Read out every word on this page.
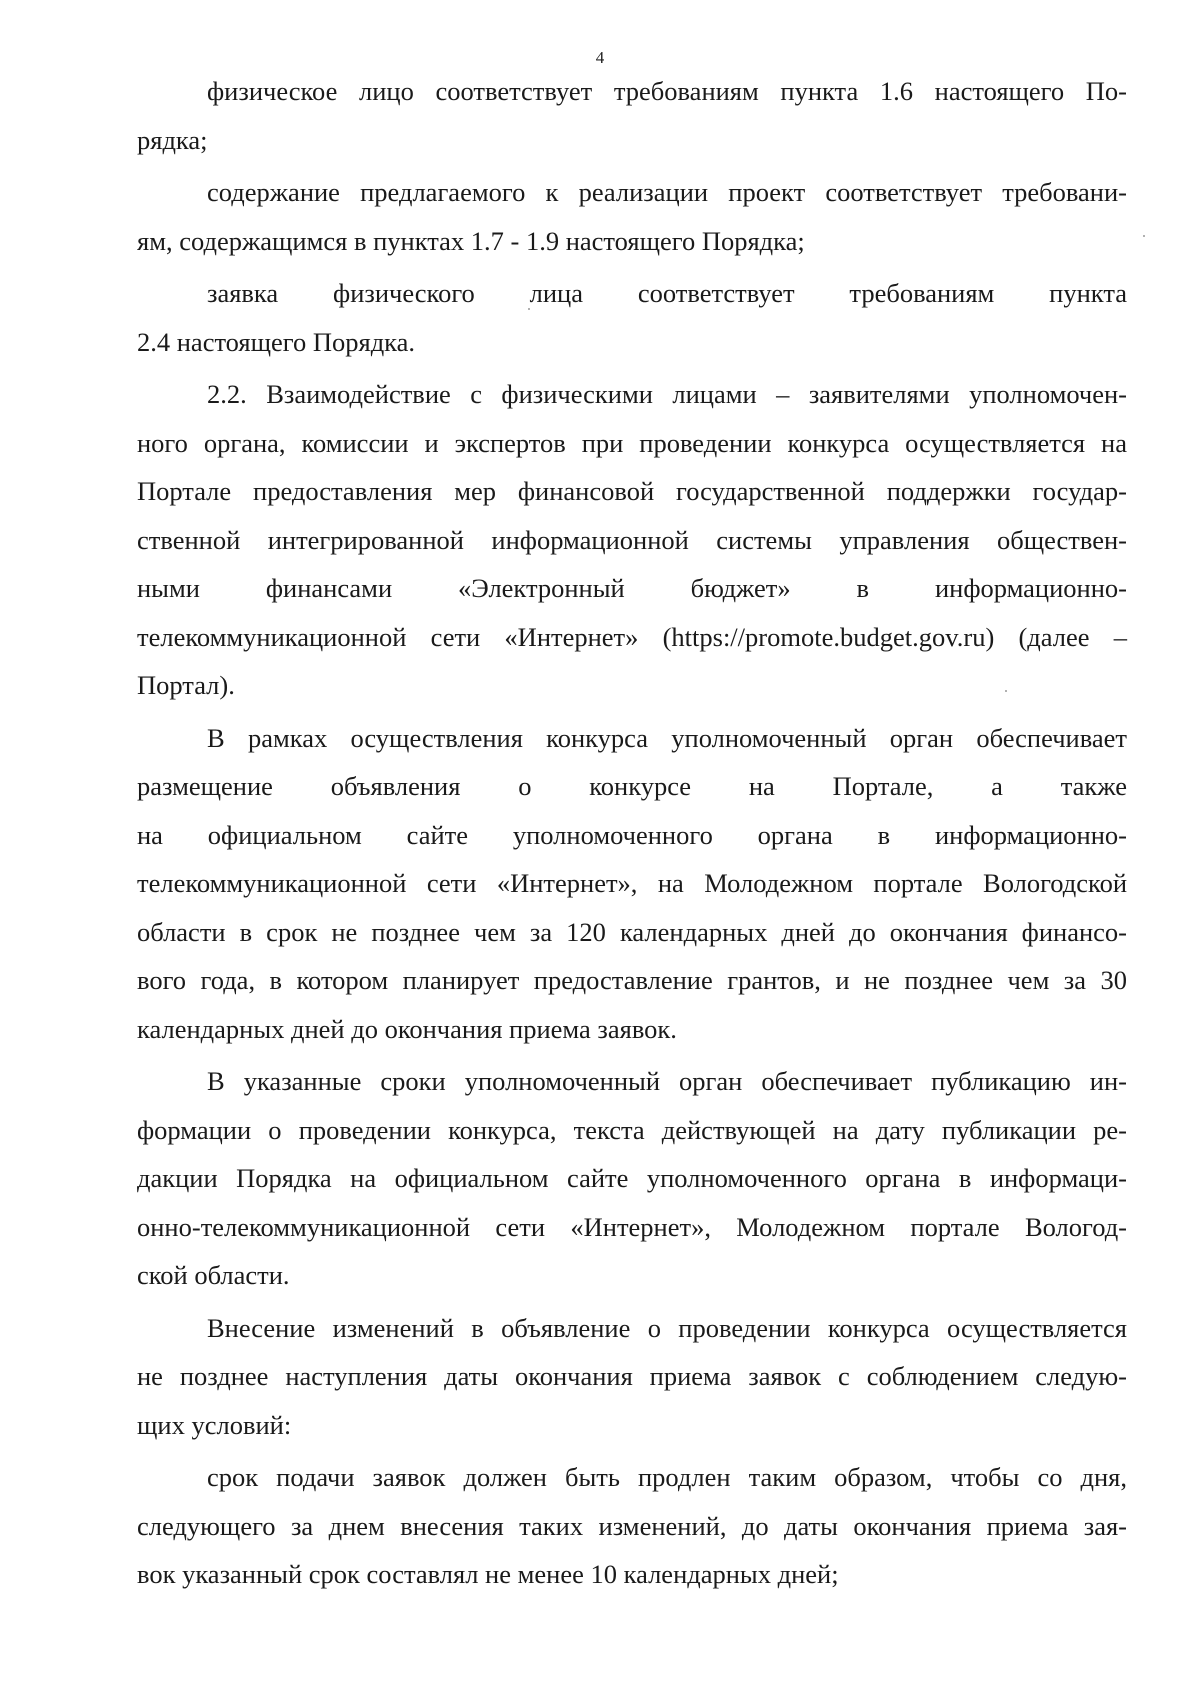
4
физическое лицо соответствует требованиям пункта 1.6 настоящего По-
рядка;
содержание предлагаемого к реализации проект соответствует требовани-
ям, содержащимся в пунктах 1.7 - 1.9 настоящего Порядка;
заявка физического лица соответствует требованиям пункта
2.4 настоящего Порядка.
2.2. Взаимодействие с физическими лицами – заявителями уполномочен-
ного органа, комиссии и экспертов при проведении конкурса осуществляется на
Портале предоставления мер финансовой государственной поддержки государ-
ственной интегрированной информационной системы управления обществен-
ными финансами «Электронный бюджет» в информационно-
телекоммуникационной сети «Интернет» (https://promote.budget.gov.ru) (далее –
Портал).
В рамках осуществления конкурса уполномоченный орган обеспечивает
размещение объявления о конкурсе на Портале, а также
на официальном сайте уполномоченного органа в информационно-
телекоммуникационной сети «Интернет», на Молодежном портале Вологодской
области в срок не позднее чем за 120 календарных дней до окончания финансо-
вого года, в котором планирует предоставление грантов, и не позднее чем за 30
календарных дней до окончания приема заявок.
В указанные сроки уполномоченный орган обеспечивает публикацию ин-
формации о проведении конкурса, текста действующей на дату публикации ре-
дакции Порядка на официальном сайте уполномоченного органа в информаци-
онно-телекоммуникационной сети «Интернет», Молодежном портале Вологод-
ской области.
Внесение изменений в объявление о проведении конкурса осуществляется
не позднее наступления даты окончания приема заявок с соблюдением следую-
щих условий:
срок подачи заявок должен быть продлен таким образом, чтобы со дня,
следующего за днем внесения таких изменений, до даты окончания приема зая-
вок указанный срок составлял не менее 10 календарных дней;
